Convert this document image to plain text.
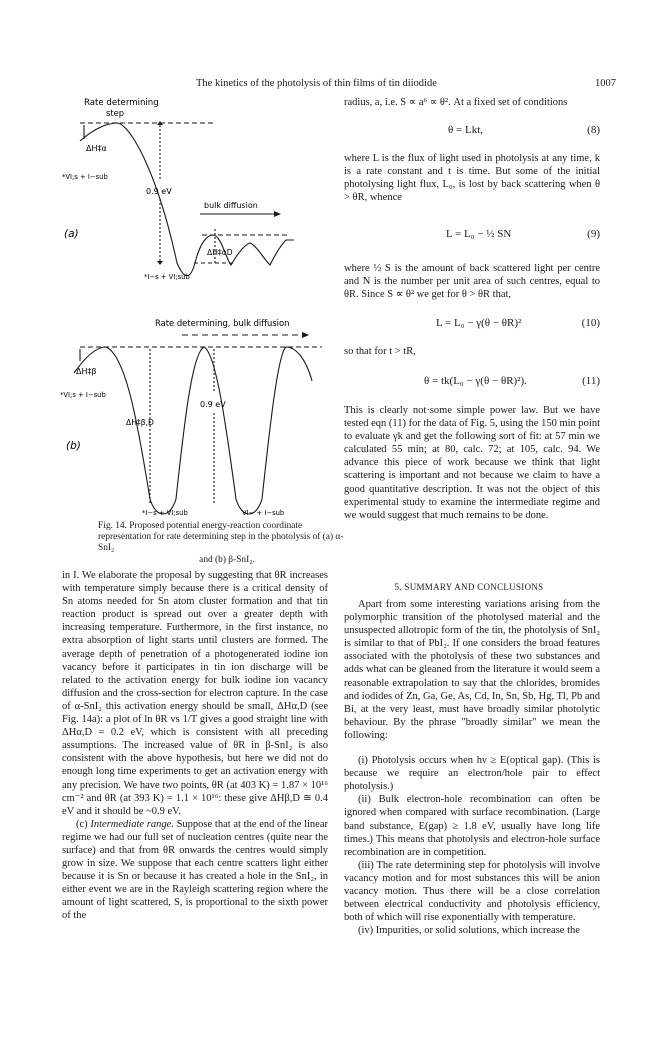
The kinetics of the photolysis of thin films of tin diiodide	1007
Rate determining
step
ΔH‡α
*VI;s + I−sub
0.9 eV
bulk diffusion
(a)
ΔH‡αD
*I−s + VI;sub
Rate determining, bulk diffusion
ΔH‡β
*VI;s + I−sub
(b)
ΔH‡β,D
0.9 eV
*I−s + VI;sub	VI− + I−sub
Fig. 14. Proposed potential energy-reaction coordinate representation for rate determining step in the photolysis of (a) α-SnI₂
and (b) β-SnI₂.

radius, a, i.e. S ∝ a⁶ ∝ θ². At a fixed set of conditions

θ = Lkt,	(8)

where L is the flux of light used in photolysis at any time, k is a rate constant and t is time. But some of the initial photolysing light flux, L₀, is lost by back scattering when θ > θR, whence

L = L₀ − ½ SN	(9)

where ½ S is the amount of back scattered light per centre and N is the number per unit area of such centres, equal to θR. Since S ∝ θ² we get for θ > θR that,

L = L₀ − γ(θ − θR)²	(10)

so that for t > tR,

θ = tk(L₀ − γ(θ − θR)²).	(11)

This is clearly not·some simple power law. But we have tested eqn (11) for the data of Fig. 5, using the 150 min point to evaluate γk and get the following sort of fit: at 57 min we calculated 55 min; at 80, calc. 72; at 105, calc. 94. We advance this piece of work because we think that light scattering is important and not because we claim to have a good quantitative description. It was not the object of this experimental study to examine the intermediate regime and we would suggest that much remains to be done.

in I. We elaborate the proposal by suggesting that θR increases with temperature simply because there is a critical density of Sn atoms needed for Sn atom cluster formation and that tin reaction product is spread out over a greater depth with increasing temperature. Furthermore, in the first instance, no extra absorption of light starts until clusters are formed. The average depth of penetration of a photogenerated iodine ion vacancy before it participates in tin ion discharge will be related to the activation energy for bulk iodine ion vacancy diffusion and the cross-section for electron capture. In the case of α-SnI₂ this activation energy should be small, ΔHα,D (see Fig. 14a): a plot of ln θR vs 1/T gives a good straight line with ΔHα,D = 0.2 eV, which is consistent with all preceding assumptions. The increased value of θR in β-SnI₂ is also consistent with the above hypothesis, but here we did not do enough long time experiments to get an activation energy with any precision. We have two points, θR (at 403 K) = 1.87 × 10¹⁶ cm⁻² and θR (at 393 K) = 1.1 × 10¹⁶: these give ΔHβ,D ≅ 0.4 eV and it should be ~0.9 eV.

(c) Intermediate range. Suppose that at the end of the linear regime we had our full set of nucleation centres (quite near the surface) and that from θR onwards the centres would simply grow in size. We suppose that each centre scatters light either because it is Sn or because it has created a hole in the SnI₂, in either event we are in the Rayleigh scattering region where the amount of light scattered, S, is proportional to the sixth power of the

5. SUMMARY AND CONCLUSIONS

Apart from some interesting variations arising from the polymorphic transition of the photolysed material and the unsuspected allotropic form of the tin, the photolysis of SnI₂ is similar to that of PbI₂. If one considers the broad features associated with the photolysis of these two substances and adds what can be gleaned from the literature it would seem a reasonable extrapolation to say that the chlorides, bromides and iodides of Zn, Ga, Ge, As, Cd, In, Sn, Sb, Hg, Tl, Pb and Bi, at the very least, must have broadly similar photolytic behaviour. By the phrase "broadly similar" we mean the following:

(i) Photolysis occurs when hν ≥ E(optical gap). (This is because we require an electron/hole pair to effect photolysis.)

(ii) Bulk electron-hole recombination can often be ignored when compared with surface recombination. (Large band substance, E(gap) ≥ 1.8 eV, usually have long life times.) This means that photolysis and electron-hole surface recombination are in competition.

(iii) The rate determining step for photolysis will involve vacancy motion and for most substances this will be anion vacancy motion. Thus there will be a close correlation between electrical conductivity and photolysis efficiency, both of which will rise exponentially with temperature.

(iv) Impurities, or solid solutions, which increase the
